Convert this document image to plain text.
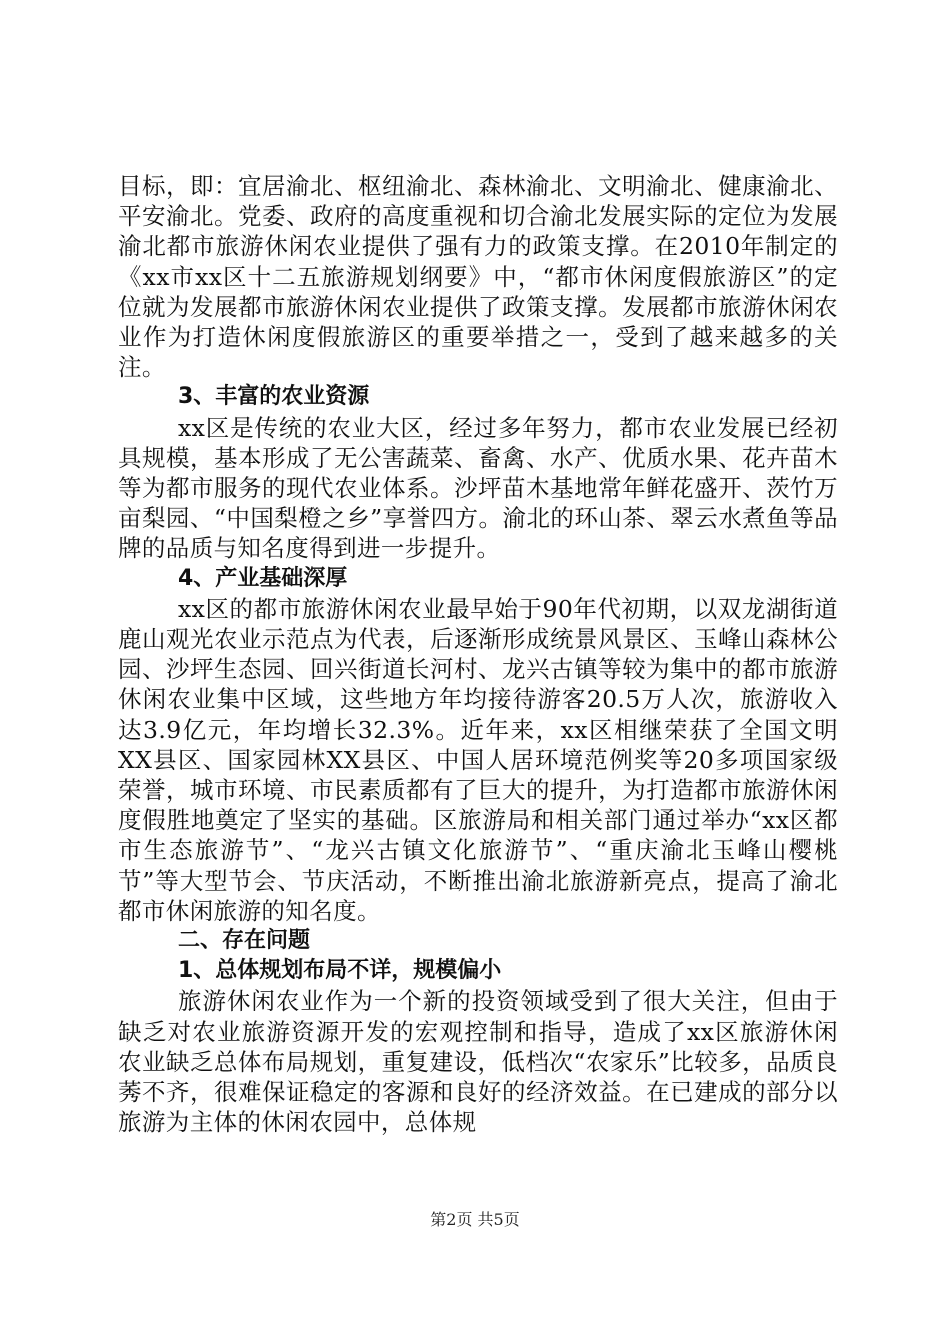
目标，即：宜居渝北、枢纽渝北、森林渝北、文明渝北、健康渝北、平安渝北。党委、政府的高度重视和切合渝北发展实际的定位为发展渝北都市旅游休闲农业提供了强有力的政策支撑。在2010年制定的《xx市xx区十二五旅游规划纲要》中，“都市休闲度假旅游区”的定位就为发展都市旅游休闲农业提供了政策支撑。发展都市旅游休闲农业作为打造休闲度假旅游区的重要举措之一，受到了越来越多的关注。

3、丰富的农业资源

xx区是传统的农业大区，经过多年努力，都市农业发展已经初具规模，基本形成了无公害蔬菜、畜禽、水产、优质水果、花卉苗木等为都市服务的现代农业体系。沙坪苗木基地常年鲜花盛开、茨竹万亩梨园、“中国梨橙之乡”享誉四方。渝北的环山茶、翠云水煮鱼等品牌的品质与知名度得到进一步提升。

4、产业基础深厚

xx区的都市旅游休闲农业最早始于90年代初期，以双龙湖街道鹿山观光农业示范点为代表，后逐渐形成统景风景区、玉峰山森林公园、沙坪生态园、回兴街道长河村、龙兴古镇等较为集中的都市旅游休闲农业集中区域，这些地方年均接待游客20.5万人次，旅游收入达3.9亿元，年均增长32.3%。近年来，xx区相继荣获了全国文明XX县区、国家园林XX县区、中国人居环境范例奖等20多项国家级荣誉，城市环境、市民素质都有了巨大的提升，为打造都市旅游休闲度假胜地奠定了坚实的基础。区旅游局和相关部门通过举办“xx区都市生态旅游节”、“龙兴古镇文化旅游节”、“重庆渝北玉峰山樱桃节”等大型节会、节庆活动，不断推出渝北旅游新亮点，提高了渝北都市休闲旅游的知名度。

二、存在问题

1、总体规划布局不详，规模偏小

旅游休闲农业作为一个新的投资领域受到了很大关注，但由于缺乏对农业旅游资源开发的宏观控制和指导，造成了xx区旅游休闲农业缺乏总体布局规划，重复建设，低档次“农家乐”比较多，品质良莠不齐，很难保证稳定的客源和良好的经济效益。在已建成的部分以旅游为主体的休闲农园中，总体规

第2页 共5页
